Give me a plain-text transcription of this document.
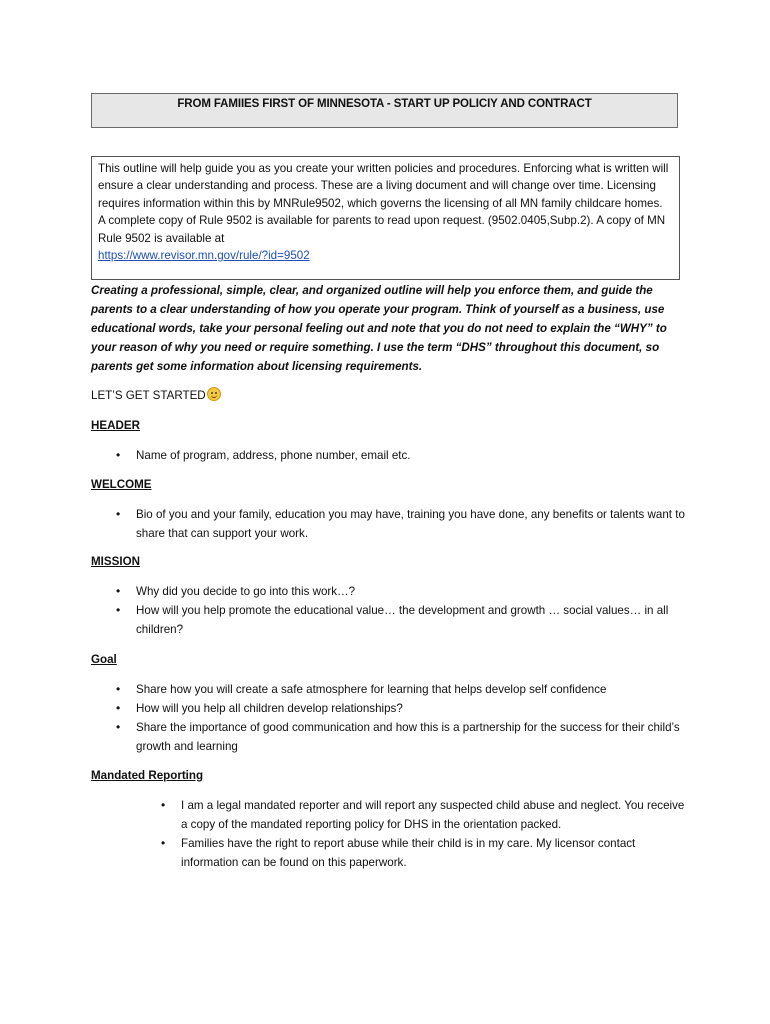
FROM FAMIIES FIRST OF MINNESOTA - START UP POLICIY AND CONTRACT

This outline will help guide you as you create your written policies and procedures. Enforcing what is written will ensure a clear understanding and process. These are a living document and will change over time. Licensing requires information within this by MNRule9502, which governs the licensing of all MN family childcare homes. A complete copy of Rule 9502 is available for parents to read upon request. (9502.0405,Subp.2). A copy of MN Rule 9502 is available at
https://www.revisor.mn.gov/rule/?id=9502

Creating a professional, simple, clear, and organized outline will help you enforce them, and guide the parents to a clear understanding of how you operate your program. Think of yourself as a business, use educational words, take your personal feeling out and note that you do not need to explain the “WHY” to your reason of why you need or require something. I use the term “DHS” throughout this document, so parents get some information about licensing requirements.

LET’S GET STARTED
HEADER
• Name of program, address, phone number, email etc.
WELCOME
• Bio of you and your family, education you may have, training you have done, any benefits or talents want to share that can support your work.
MISSION
• Why did you decide to go into this work…?
• How will you help promote the educational value… the development and growth … social values… in all children?
Goal
• Share how you will create a safe atmosphere for learning that helps develop self confidence
• How will you help all children develop relationships?
• Share the importance of good communication and how this is a partnership for the success for their child’s growth and learning
Mandated Reporting
• I am a legal mandated reporter and will report any suspected child abuse and neglect. You receive a copy of the mandated reporting policy for DHS in the orientation packed.
• Families have the right to report abuse while their child is in my care. My licensor contact information can be found on this paperwork.
